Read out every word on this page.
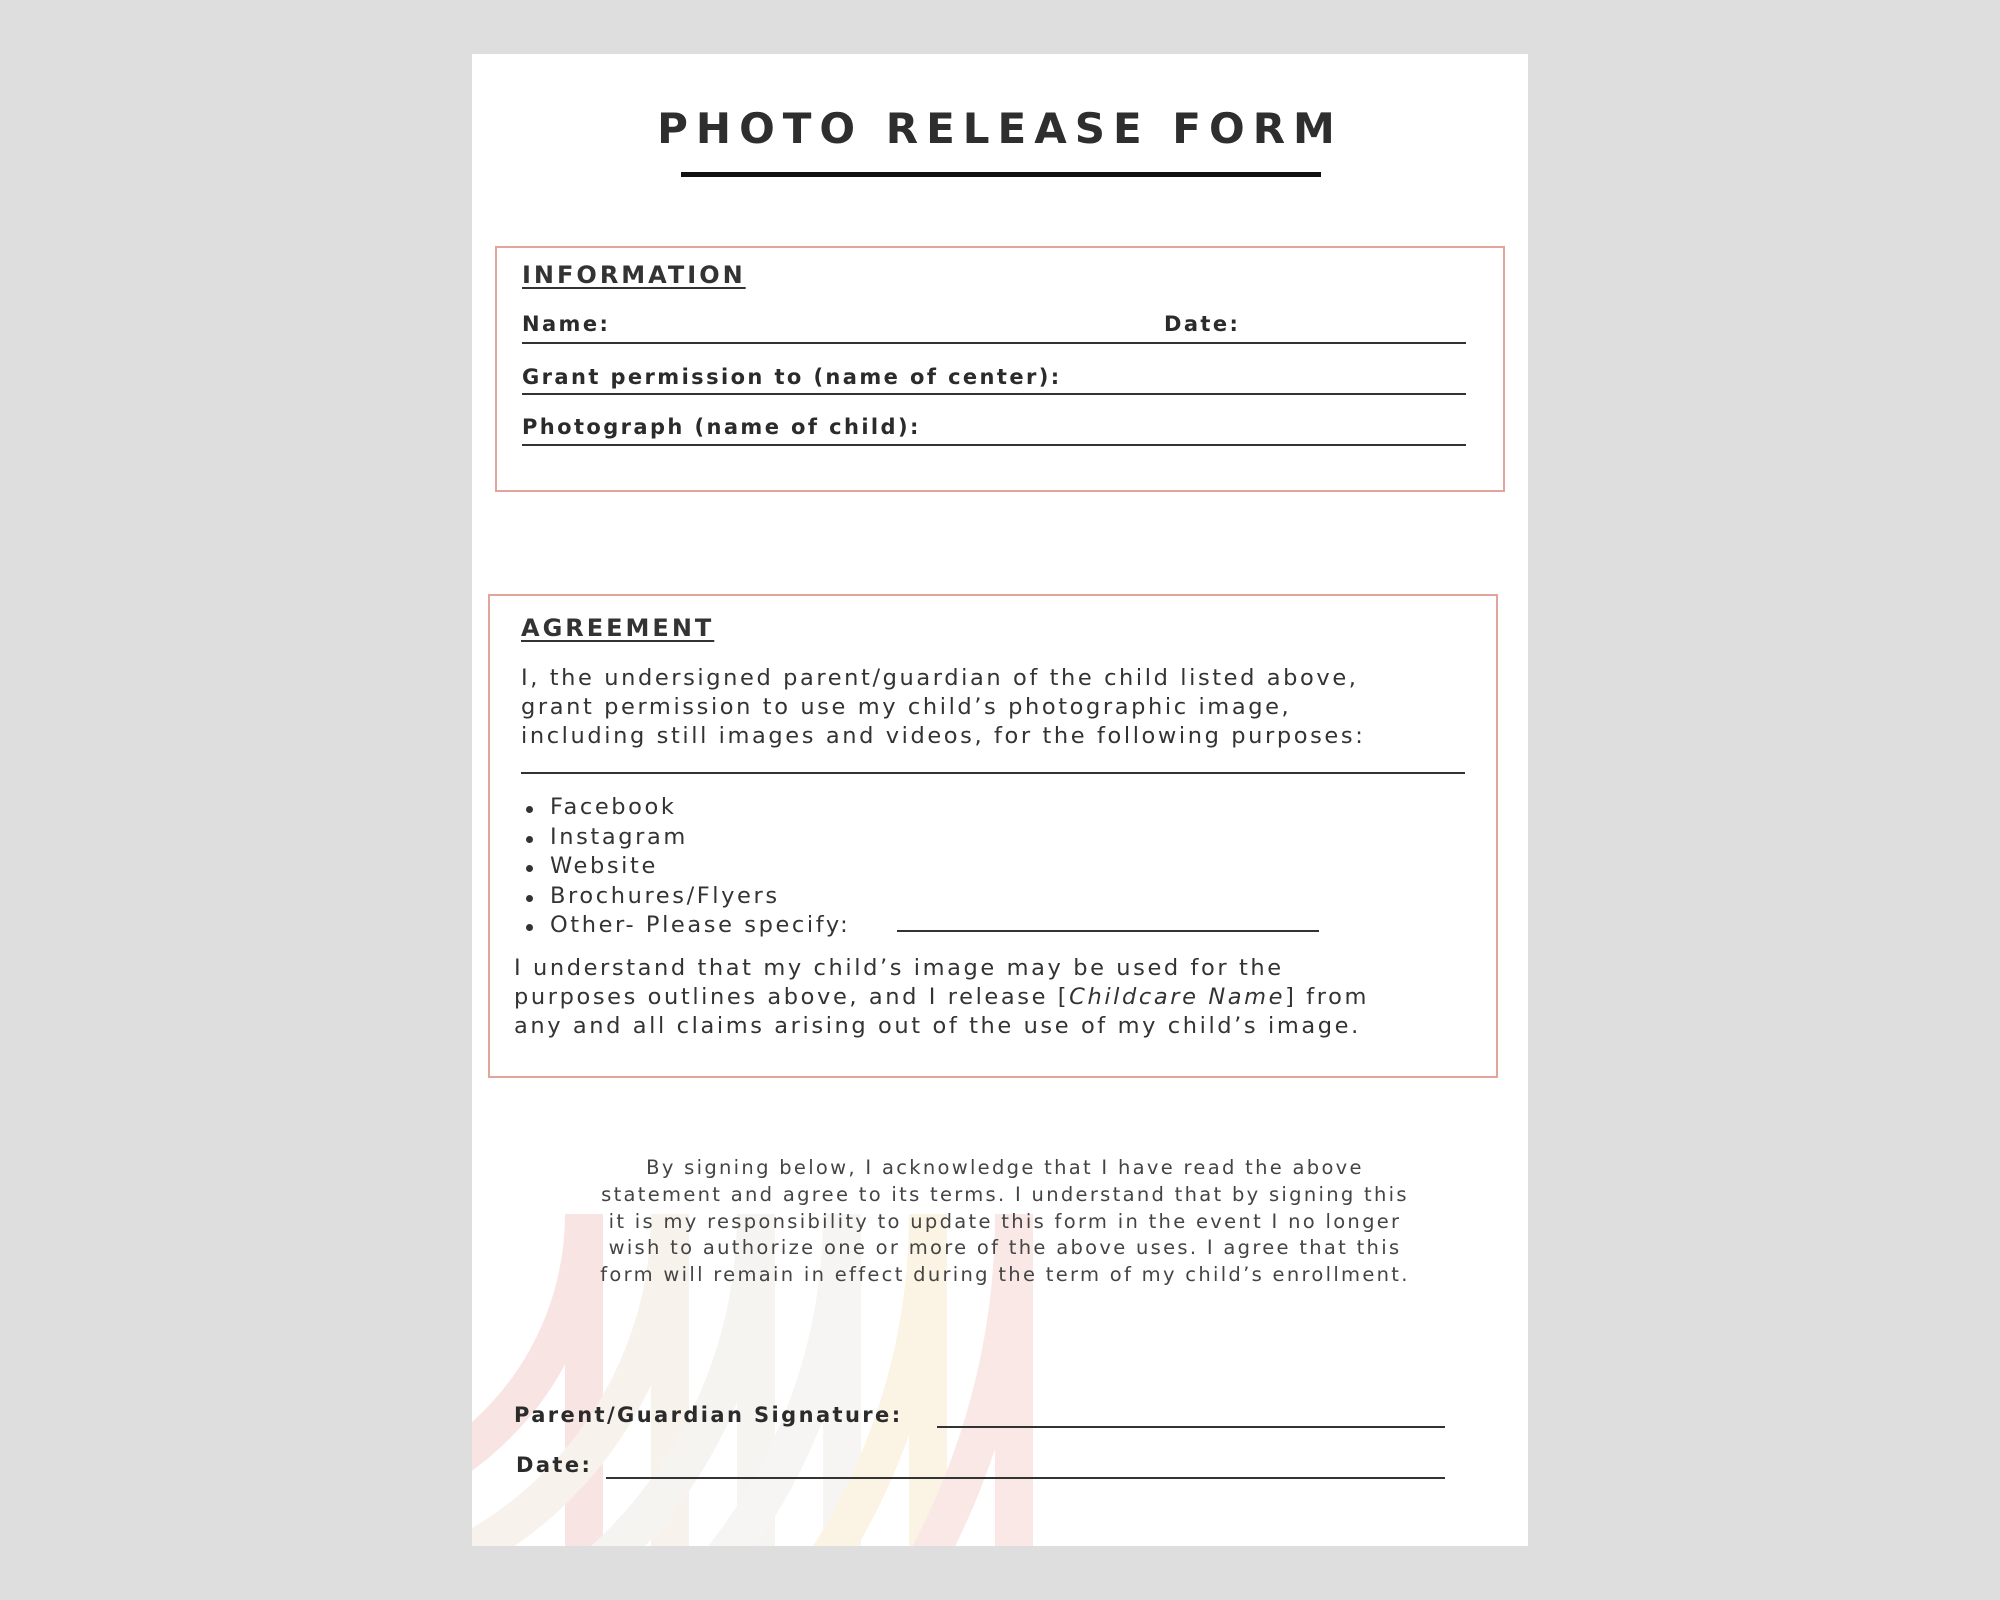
PHOTO RELEASE FORM
INFORMATION
Name:	Date:
Grant permission to (name of center):
Photograph (name of child):
AGREEMENT

I, the undersigned parent/guardian of the child listed above,

grant permission to use my child’s photographic image,

including still images and videos, for the following purposes:

Facebook
Instagram
Website
Brochures/Flyers
Other- Please specify:

I understand that my child’s image may be used for the

purposes outlines above, and I release [Childcare Name] from

any and all claims arising out of the use of my child’s image.

By signing below, I acknowledge that I have read the above statement and agree to its terms. I understand that by signing this it is my responsibility to update this form in the event I no longer wish to authorize one or more of the above uses. I agree that this form will remain in effect during the term of my child’s enrollment.

Parent/Guardian Signature:
Date:
